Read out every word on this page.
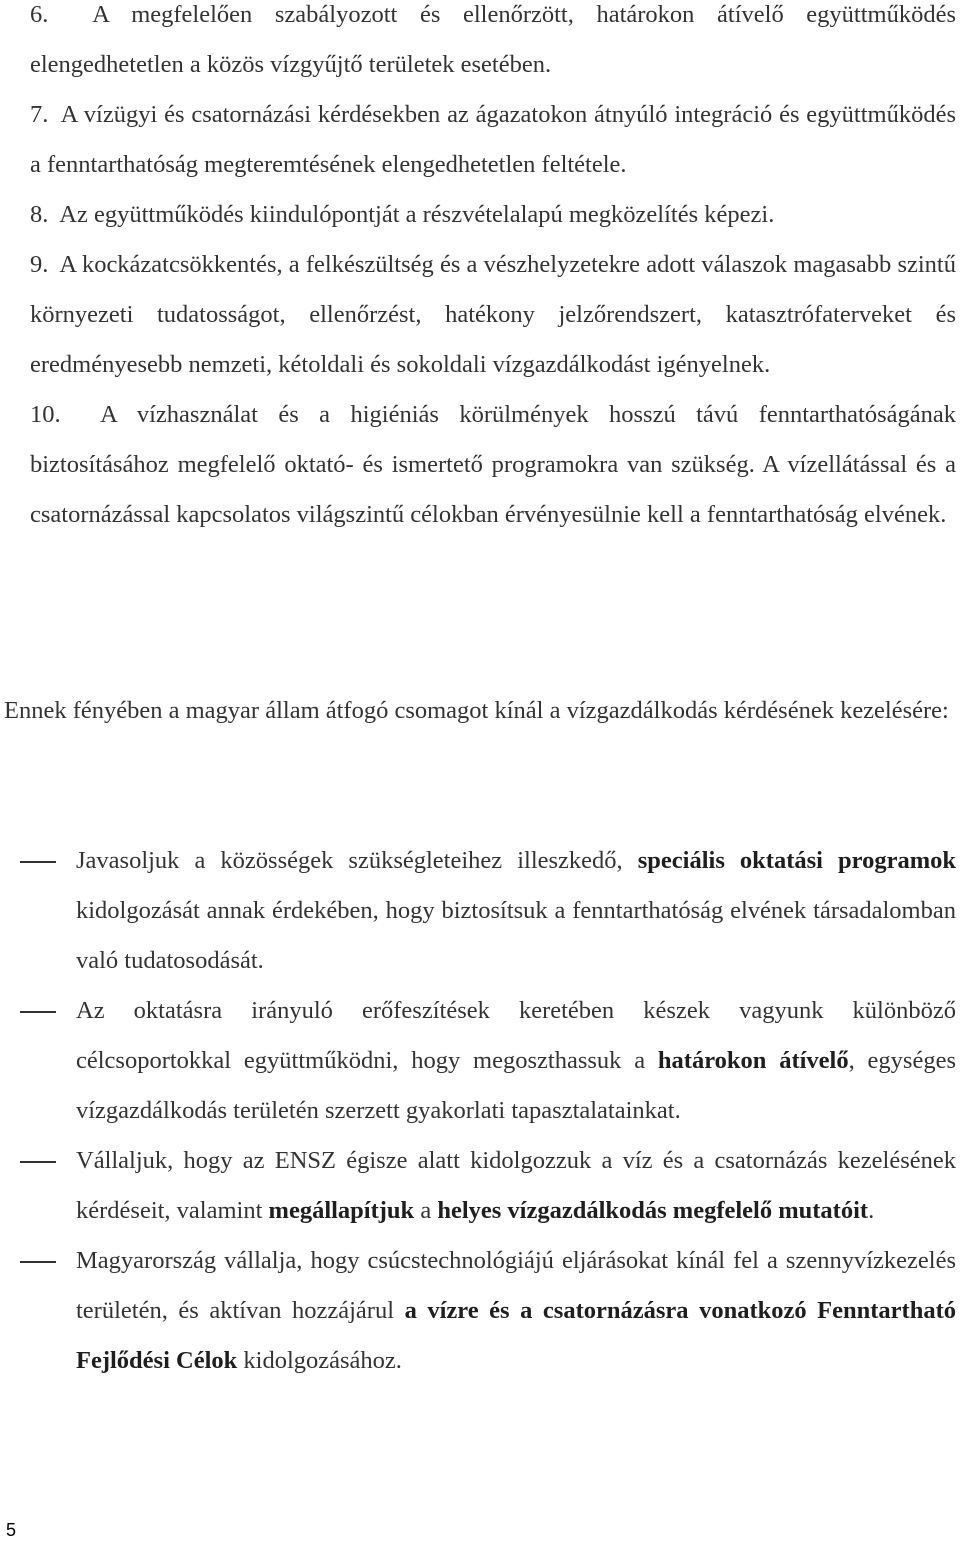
6. A megfelelően szabályozott és ellenőrzött, határokon átívelő együttműködés elengedhetetlen a közös vízgyűjtő területek esetében.

7. A vízügyi és csatornázási kérdésekben az ágazatokon átnyúló integráció és együttműködés a fenntarthatóság megteremtésének elengedhetetlen feltétele.

8. Az együttműködés kiindulópontját a részvételalapú megközelítés képezi.

9. A kockázatcsökkentés, a felkészültség és a vészhelyzetekre adott válaszok magasabb szintű környezeti tudatosságot, ellenőrzést, hatékony jelzőrendszert, katasztrófaterveket és eredményesebb nemzeti, kétoldali és sokoldali vízgazdálkodást igényelnek.

10. A vízhasználat és a higiéniás körülmények hosszú távú fenntarthatóságának biztosításához megfelelő oktató- és ismertető programokra van szükség. A vízellátással és a csatornázással kapcsolatos világszintű célokban érvényesülnie kell a fenntarthatóság elvének.

Ennek fényében a magyar állam átfogó csomagot kínál a vízgazdálkodás kérdésének kezelésére:

Javasoljuk a közösségek szükségleteihez illeszkedő, speciális oktatási programok kidolgozását annak érdekében, hogy biztosítsuk a fenntarthatóság elvének társadalomban való tudatosodását.
Az oktatásra irányuló erőfeszítések keretében készek vagyunk különböző célcsoportokkal együttműködni, hogy megoszthassuk a határokon átívelő, egységes vízgazdálkodás területén szerzett gyakorlati tapasztalatainkat.
Vállaljuk, hogy az ENSZ égisze alatt kidolgozzuk a víz és a csatornázás kezelésének kérdéseit, valamint megállapítjuk a helyes vízgazdálkodás megfelelő mutatóit.
Magyarország vállalja, hogy csúcstechnológiájú eljárásokat kínál fel a szennyvízkezelés területén, és aktívan hozzájárul a vízre és a csatornázásra vonatkozó Fenntartható Fejlődési Célok kidolgozásához.
5
